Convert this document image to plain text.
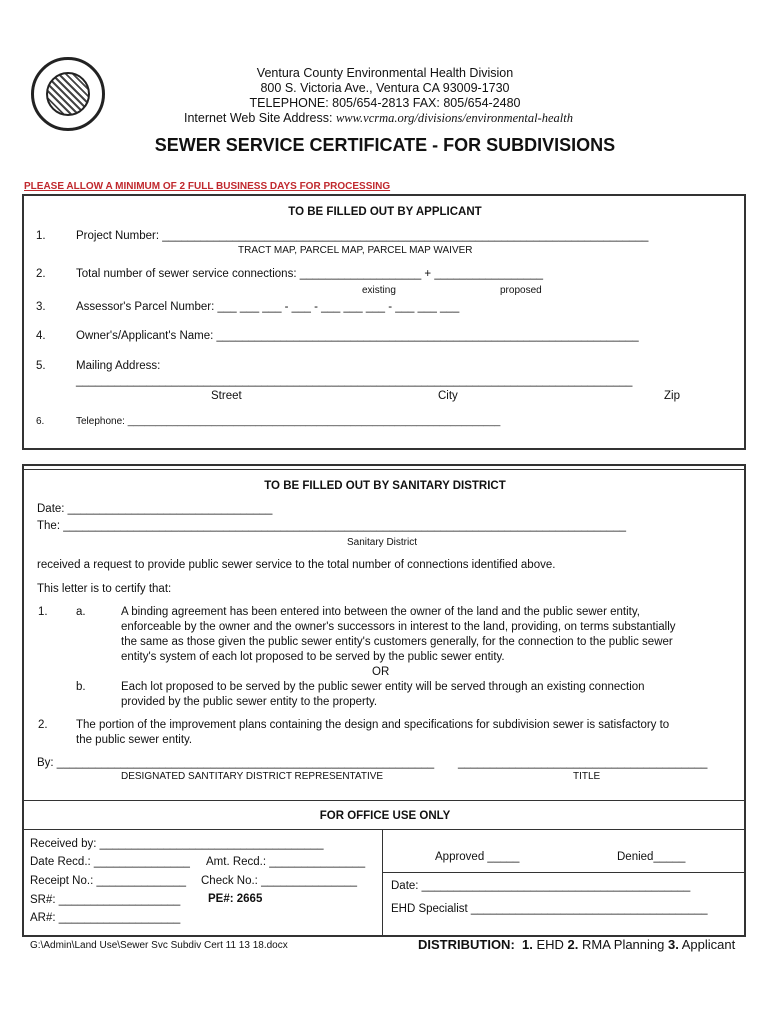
Ventura County Environmental Health Division
800 S. Victoria Ave., Ventura CA 93009-1730
TELEPHONE: 805/654-2813 FAX: 805/654-2480
Internet Web Site Address: www.vcrma.org/divisions/environmental-health
SEWER SERVICE CERTIFICATE - FOR SUBDIVISIONS
PLEASE ALLOW A MINIMUM OF 2 FULL BUSINESS DAYS FOR PROCESSING
TO BE FILLED OUT BY APPLICANT
1.	Project Number: ____________________________________________________________________________
TRACT MAP, PARCEL MAP, PARCEL MAP WAIVER
2.	Total number of sewer service connections: ___________________ + _________________
existing	proposed
3.	Assessor's Parcel Number: ___ ___ ___ - ___ - ___ ___ ___ - ___ ___ ___
4.	Owner's/Applicant's Name: __________________________________________________________________
5.	Mailing Address:
_______________________________________________________________________________________
Street	City	Zip
6.	Telephone: ___________________________________________________________________
TO BE FILLED OUT BY SANITARY DISTRICT
Date: ________________________________
The: ________________________________________________________________________________________
Sanitary District
received a request to provide public sewer service to the total number of connections identified above.
This letter is to certify that:
1. a.	A binding agreement has been entered into between the owner of the land and the public sewer entity,
enforceable by the owner and the owner's successors in interest to the land, providing, on terms substantially
the same as those given the public sewer entity's customers generally, for the connection to the public sewer
entity's system of each lot proposed to be served by the public sewer entity.
OR
b.	Each lot proposed to be served by the public sewer entity will be served through an existing connection
provided by the public sewer entity to the property.
2. The portion of the improvement plans containing the design and specifications for subdivision sewer is satisfactory to
the public sewer entity.
By: ___________________________________________________________ _______________________________________
DESIGNATED SANTITARY DISTRICT REPRESENTATIVE	TITLE
FOR OFFICE USE ONLY
Received by: ___________________________________
Date Recd.: _______________ Amt. Recd.: _______________
Receipt No.: ______________ Check No.: _______________
SR#: ___________________ PE#: 2665
AR#: ___________________
Approved _____	Denied_____
Date: __________________________________________
EHD Specialist _____________________________________
G:\Admin\Land Use\Sewer Svc Subdiv Cert 11 13 18.docx	DISTRIBUTION: 1. EHD 2. RMA Planning 3. Applicant
